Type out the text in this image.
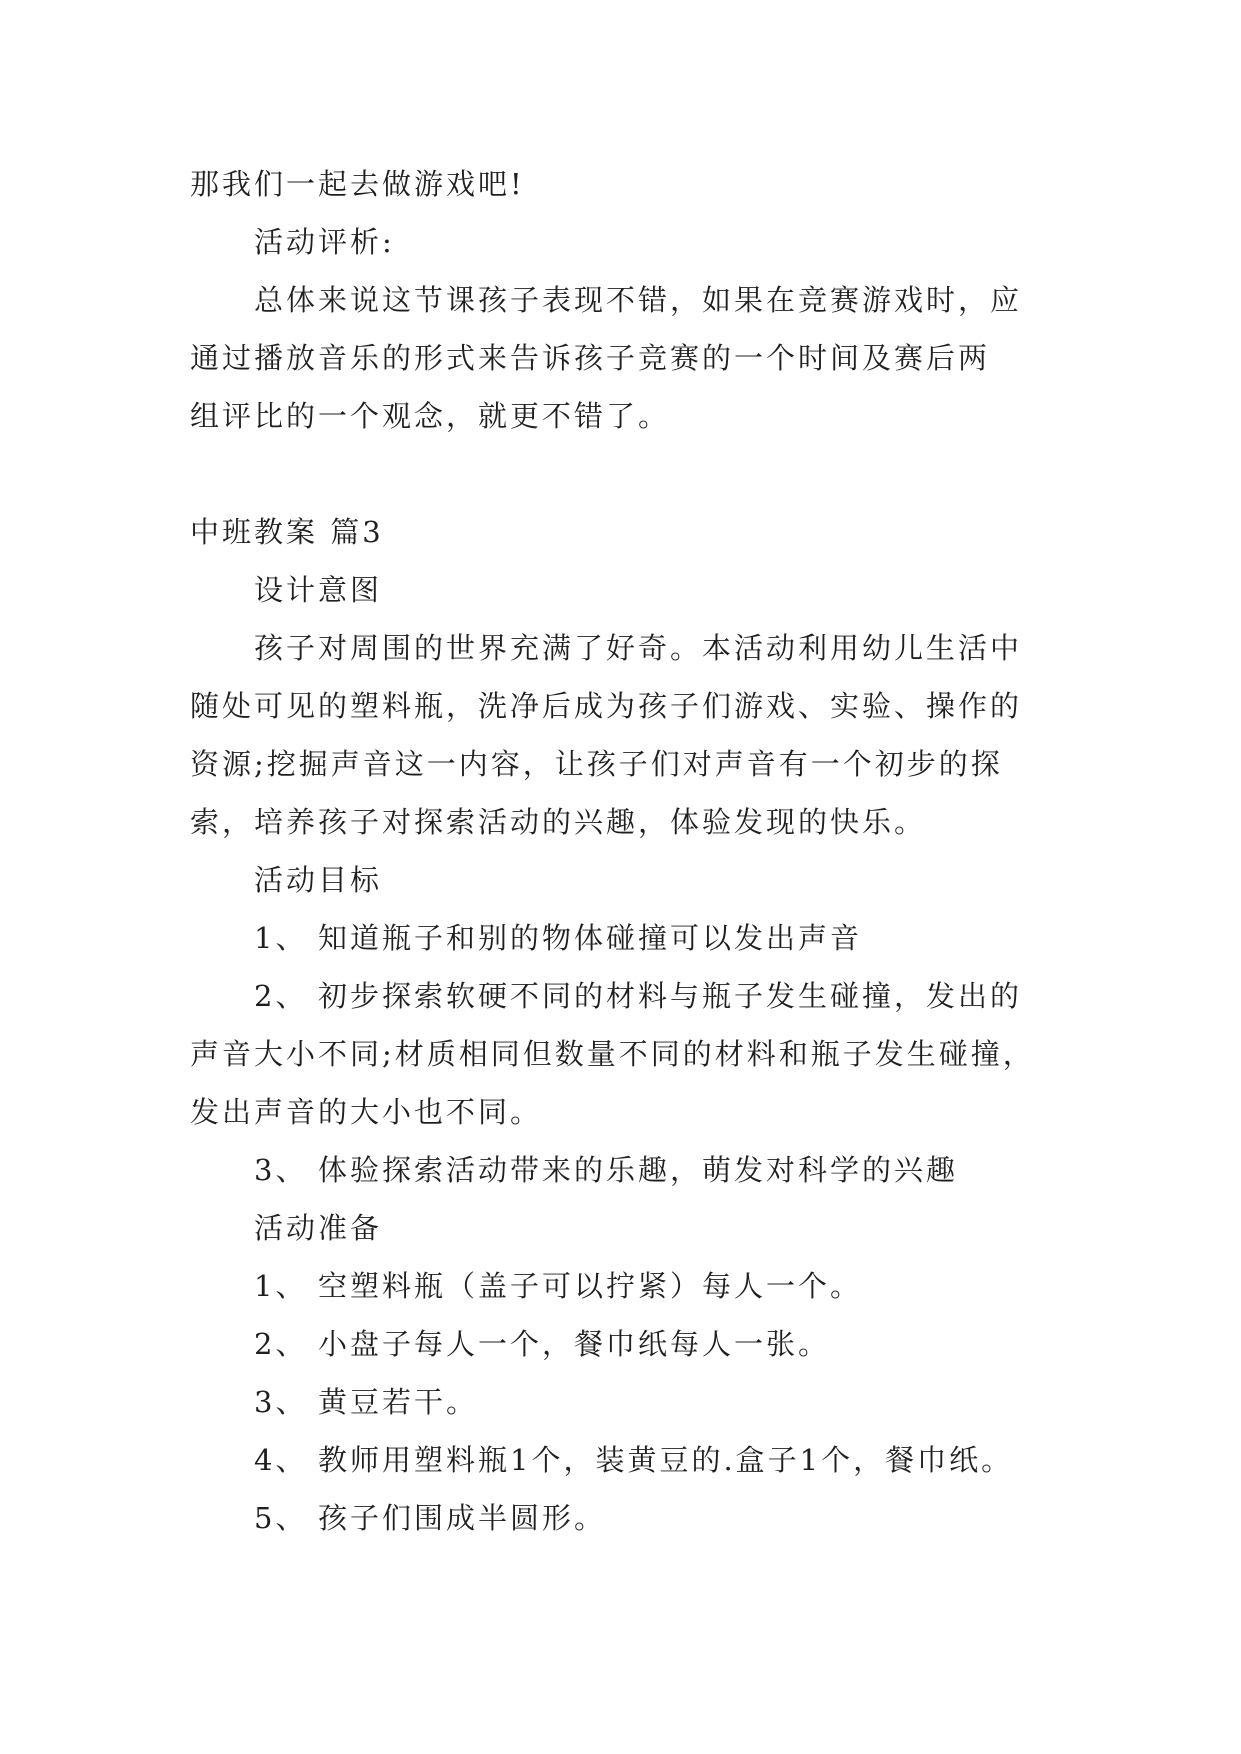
那我们一起去做游戏吧!
活动评析:
总体来说这节课孩子表现不错，如果在竞赛游戏时，应
通过播放音乐的形式来告诉孩子竞赛的一个时间及赛后两
组评比的一个观念，就更不错了。
中班教案 篇3
设计意图
孩子对周围的世界充满了好奇。本活动利用幼儿生活中
随处可见的塑料瓶，洗净后成为孩子们游戏、实验、操作的
资源;挖掘声音这一内容，让孩子们对声音有一个初步的探
索，培养孩子对探索活动的兴趣，体验发现的快乐。
活动目标
1、 知道瓶子和别的物体碰撞可以发出声音
2、 初步探索软硬不同的材料与瓶子发生碰撞，发出的
声音大小不同;材质相同但数量不同的材料和瓶子发生碰撞，
发出声音的大小也不同。
3、 体验探索活动带来的乐趣，萌发对科学的兴趣
活动准备
1、 空塑料瓶（盖子可以拧紧）每人一个。
2、 小盘子每人一个，餐巾纸每人一张。
3、 黄豆若干。
4、 教师用塑料瓶1个，装黄豆的.盒子1个，餐巾纸。
5、 孩子们围成半圆形。
